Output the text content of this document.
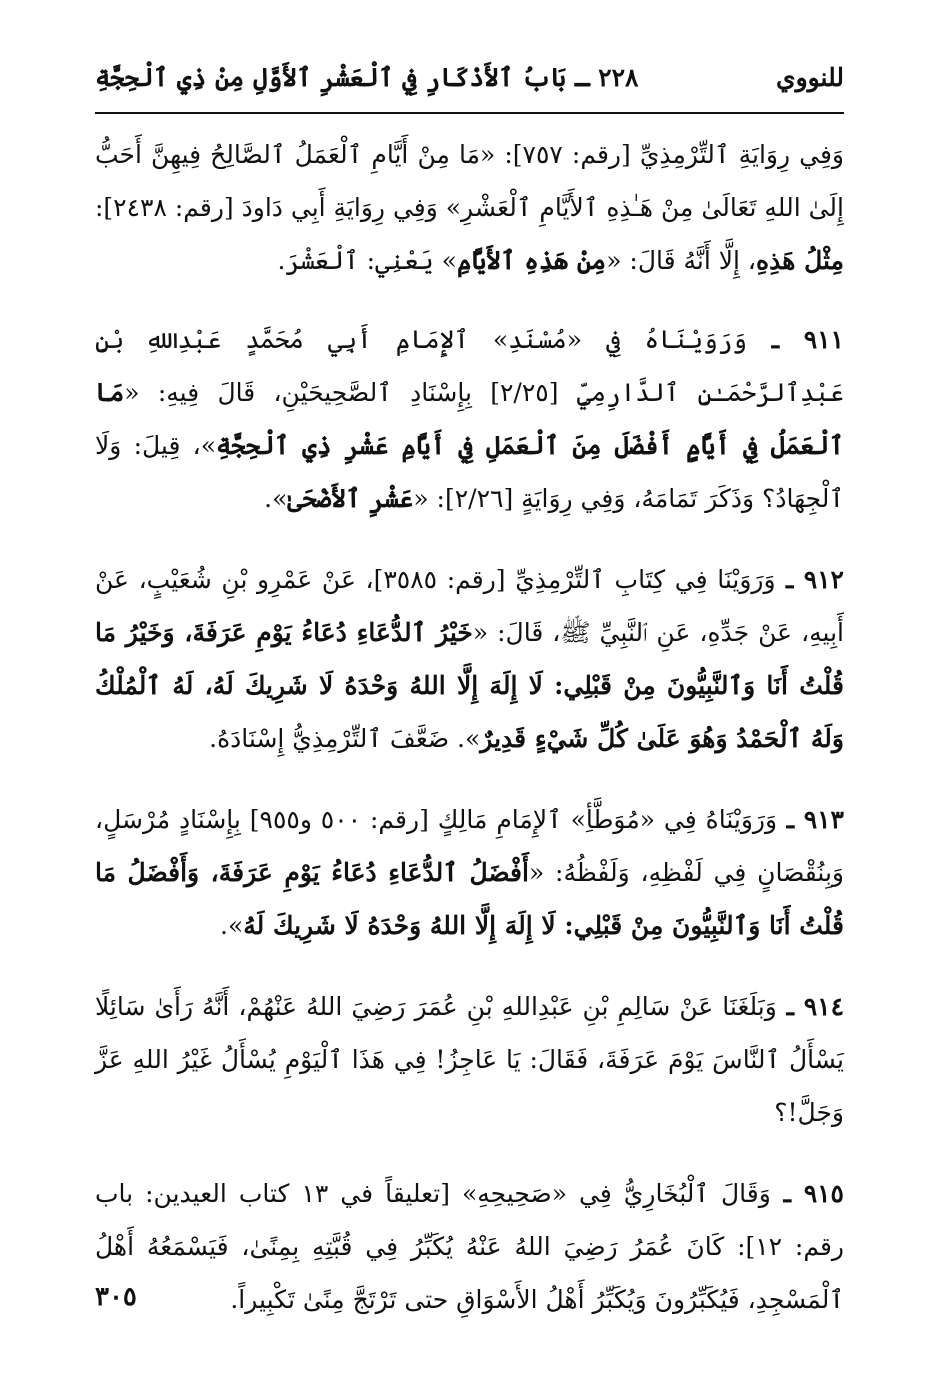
للنووي
٢٢٨ ـ بَابُ ٱلأَذْكَارِ فِي ٱلْعَشْرِ ٱلأَوَّلِ مِنْ ذِي ٱلْحِجَّةِ

وَفِي رِوَايَةِ ٱلتِّرْمِذِيِّ [رقم: ٧٥٧]: «مَا مِنْ أَيَّامِ ٱلْعَمَلُ ٱلصَّالِحُ فِيهِنَّ أَحَبُّ إِلَىٰ اللهِ تَعَالَىٰ مِنْ هَـٰذِهِ ٱلأَيَّامِ ٱلْعَشْرِ» وَفِي رِوَايَةِ أَبِي دَاودَ [رقم: ٢٤٣٨]: مِثْلُ هَذِهِ، إِلَّا أَنَّهُ قَالَ: «مِنْ هَذِهِ ٱلأَيَّامِ» يَعْنِي: ٱلْعَشْرَ.

٩١١ ـ وَرَوَيْنَاهُ فِي «مُسْنَدِ» ٱلإِمَامِ أَبِي مُحَمَّدٍ عَبْدِاللهِ بْنِ عَبْدِٱلرَّحْمَـٰنِ ٱلدَّارِمِيِّ [٢/٢٥] بِإِسْنَادِ ٱلصَّحِيحَيْنِ، قَالَ فِيهِ: «مَا ٱلْعَمَلُ فِي أَيَّامٍ أَفْضَلَ مِنَ ٱلْعَمَلِ فِي أَيَّامِ عَشْرِ ذِي ٱلْحِجَّةِ»، قِيلَ: وَلَا ٱلْجِهَادُ؟ وَذَكَرَ تَمَامَهُ، وَفِي رِوَايَةٍ [٢/٢٦]: «عَشْرِ ٱلأَضْحَىٰ».

٩١٢ ـ وَرَوَيْنَا فِي كِتَابِ ٱلتِّرْمِذِيِّ [رقم: ٣٥٨٥]، عَنْ عَمْرِو بْنِ شُعَيْبٍ، عَنْ أَبِيهِ، عَنْ جَدِّهِ، عَنِ ٱلنَّبِيِّ ﷺ، قَالَ: «خَيْرُ ٱلدُّعَاءِ دُعَاءُ يَوْمِ عَرَفَةَ، وَخَيْرُ مَا قُلْتُ أَنَا وَٱلنَّبِيُّونَ مِنْ قَبْلِي: لَا إِلَهَ إِلَّا اللهُ وَحْدَهُ لَا شَرِيكَ لَهُ، لَهُ ٱلْمُلْكُ وَلَهُ ٱلْحَمْدُ وَهُوَ عَلَىٰ كُلِّ شَيْءٍ قَدِيرٌ». ضَعَّفَ ٱلتِّرْمِذِيُّ إِسْنَادَهُ.

٩١٣ ـ وَرَوَيْنَاهُ فِي «مُوَطَّأِ» ٱلإِمَامِ مَالِكٍ [رقم: ٥٠٠ و٩٥٥] بِإِسْنَادٍ مُرْسَلٍ، وَبِنُقْصَانٍ فِي لَفْظِهِ، وَلَفْظُهُ: «أَفْضَلُ ٱلدُّعَاءِ دُعَاءُ يَوْمِ عَرَفَةَ، وَأَفْضَلُ مَا قُلْتُ أَنَا وَٱلنَّبِيُّونَ مِنْ قَبْلِي: لَا إِلَهَ إِلَّا اللهُ وَحْدَهُ لَا شَرِيكَ لَهُ».

٩١٤ ـ وَبَلَغَنَا عَنْ سَالِمِ بْنِ عَبْدِاللهِ بْنِ عُمَرَ رَضِيَ اللهُ عَنْهُمْ، أَنَّهُ رَأَىٰ سَائِلًا يَسْأَلُ ٱلنَّاسَ يَوْمَ عَرَفَةَ، فَقَالَ: يَا عَاجِزُ! فِي هَذَا ٱلْيَوْمِ يُسْأَلُ غَيْرُ اللهِ عَزَّ وَجَلَّ!؟

٩١٥ ـ وَقَالَ ٱلْبُخَارِيُّ فِي «صَحِيحِهِ» [تعليقاً في ١٣ كتاب العيدين: باب رقم: ١٢]: كَانَ عُمَرُ رَضِيَ اللهُ عَنْهُ يُكَبِّرُ فِي قُبَّتِهِ بِمِنًىٰ، فَيَسْمَعُهُ أَهْلُ ٱلْمَسْجِدِ، فَيُكَبِّرُونَ وَيُكَبِّرُ أَهْلُ الأَسْوَاقِ حتى تَرْتَجَّ مِنًىٰ تَكْبِيراً.

٣٠٥
